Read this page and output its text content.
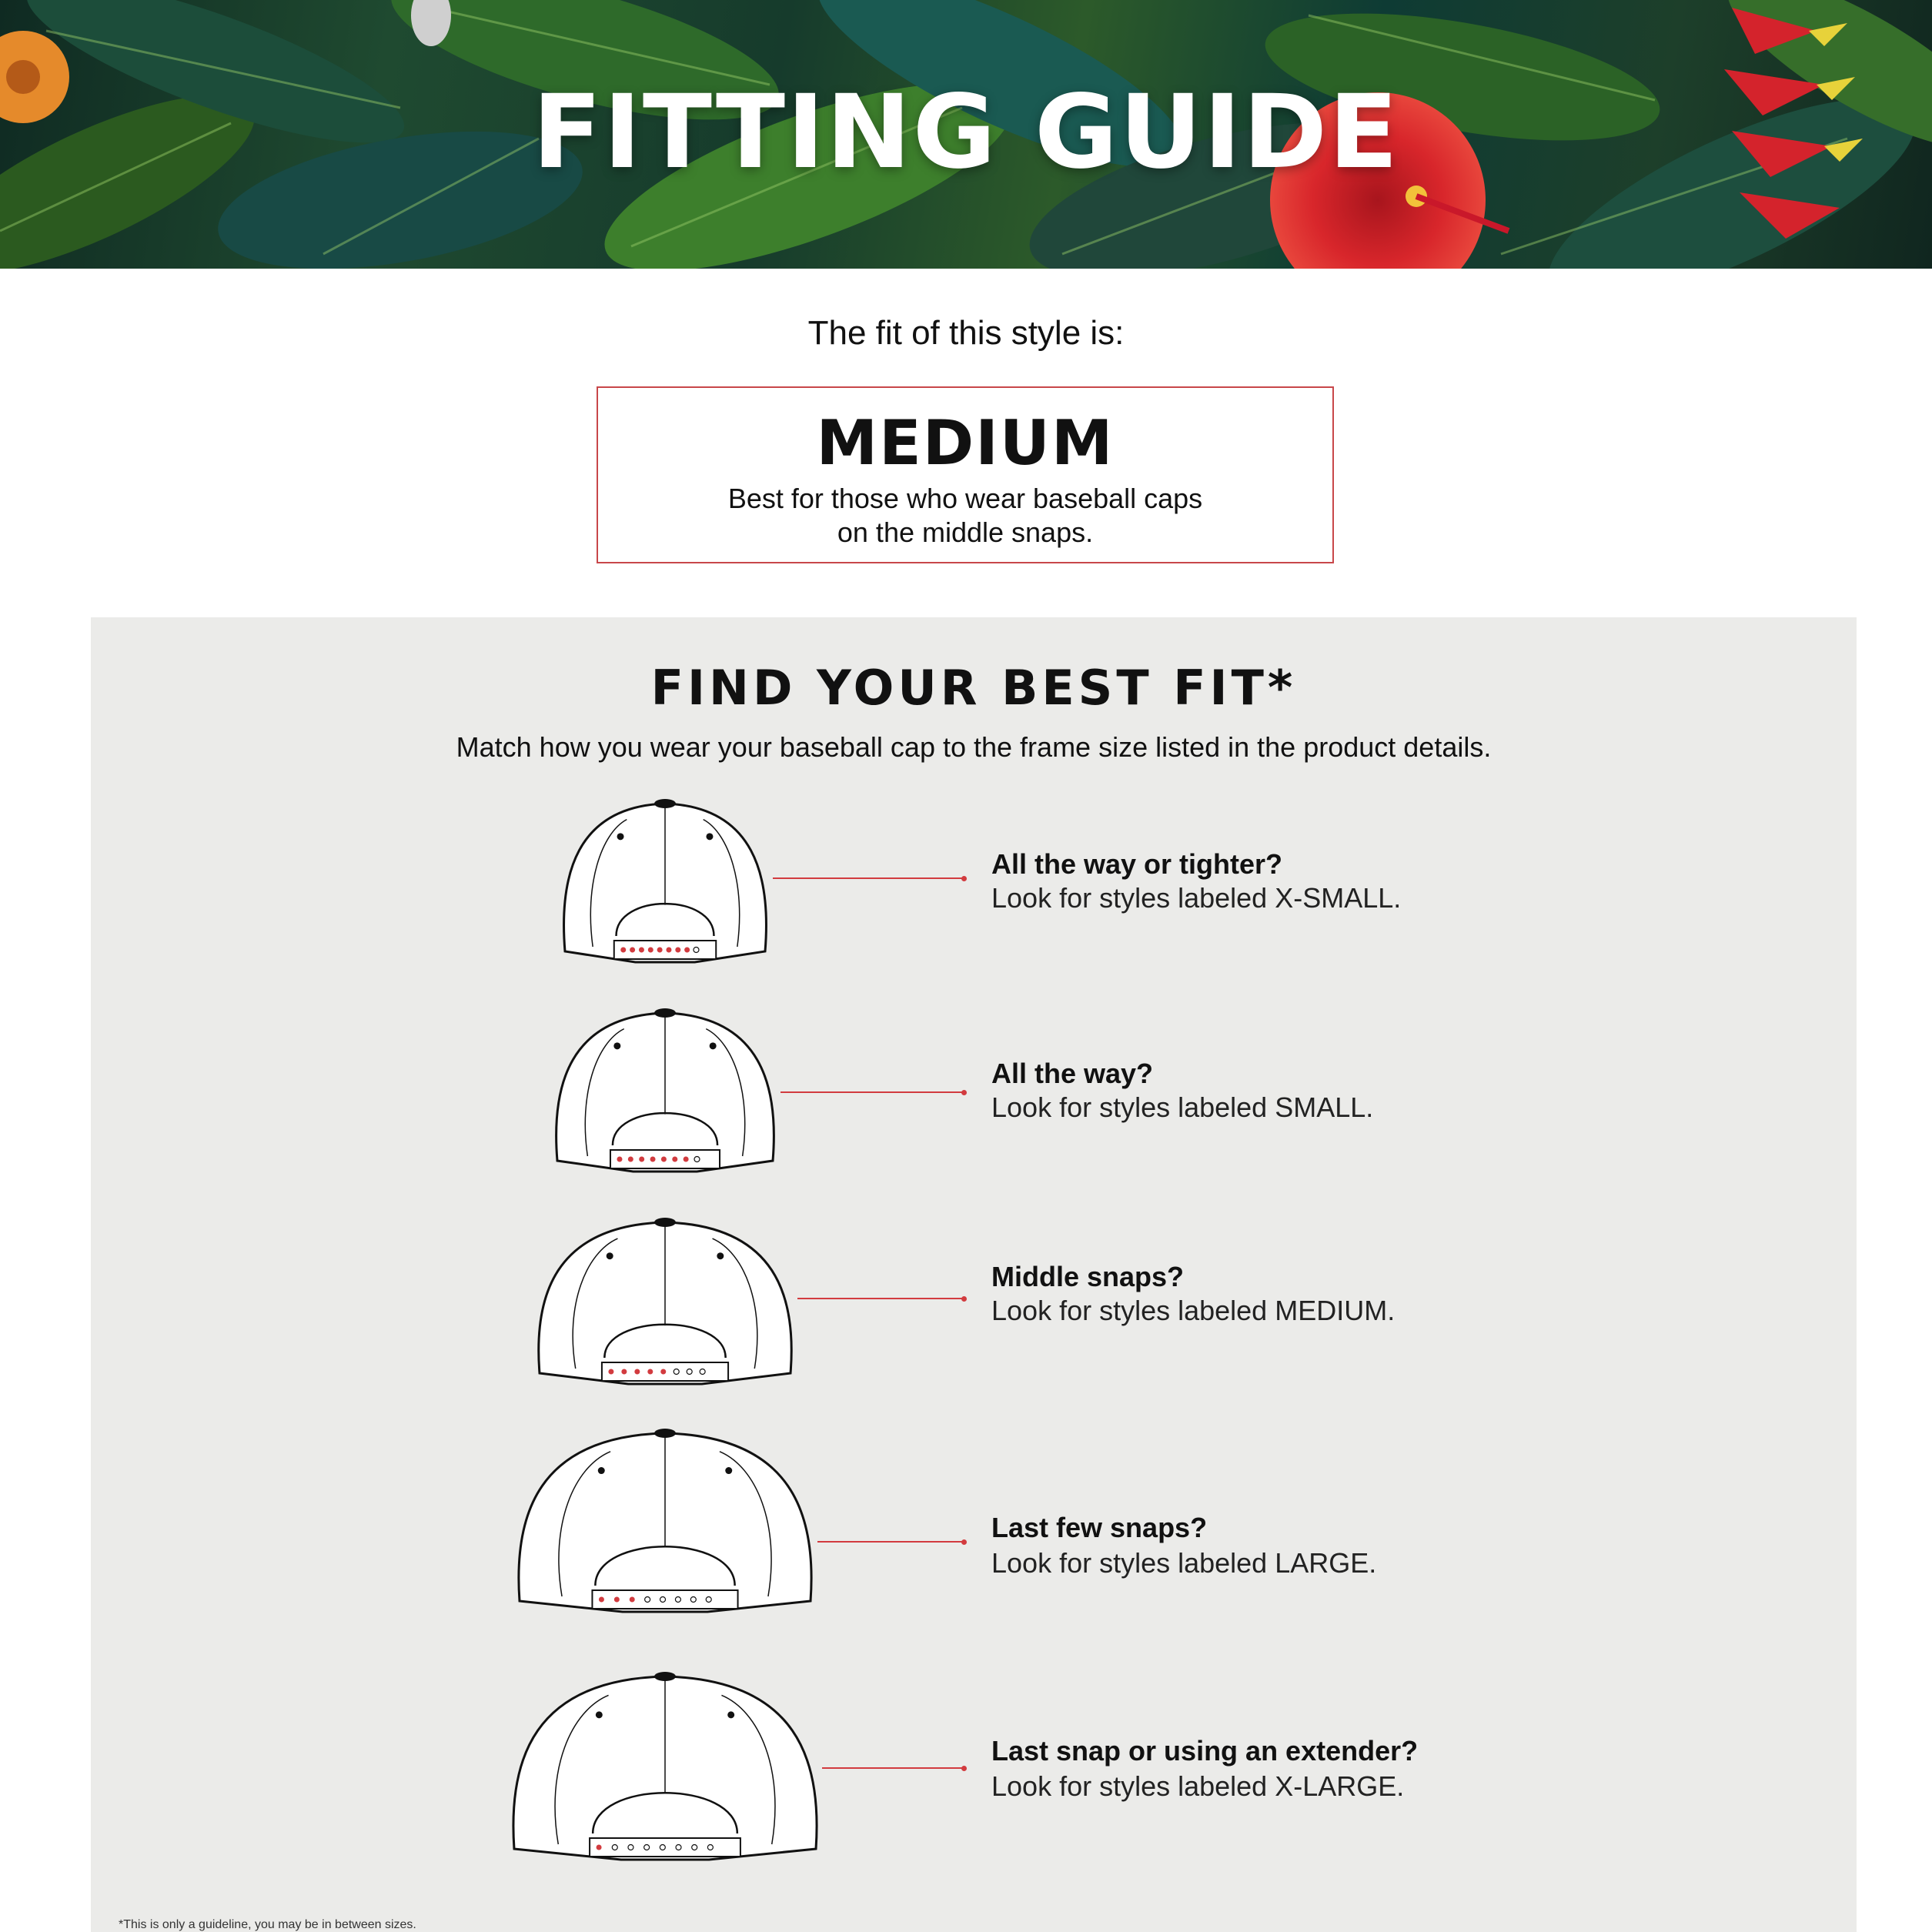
FITTING GUIDE
The fit of this style is:
MEDIUM
Best for those who wear baseball caps
on the middle snaps.
FIND YOUR BEST FIT*
Match how you wear your baseball cap to the frame size listed in the product details.
All the way or tighter?
Look for styles labeled X-SMALL.
All the way?
Look for styles labeled SMALL.
Middle snaps?
Look for styles labeled MEDIUM.
Last few snaps?
Look for styles labeled LARGE.
Last snap or using an extender?
Look for styles labeled X-LARGE.
*This is only a guideline, you may be in between sizes.
